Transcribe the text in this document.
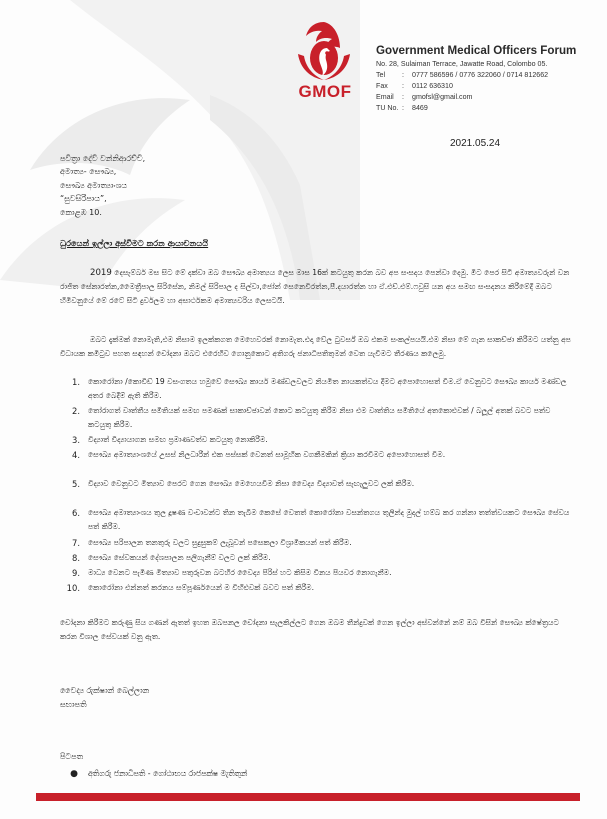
GMOF
Government Medical Officers Forum
No. 28, Sulaiman Terrace, Jawatte Road, Colombo 05.
Tel	:	0777 586596 / 0776 322060 / 0714 812662
Fax	:	0112 636310
Email	:	gmofsl@gmail.com
TU No. :	8469
2021.05.24
පවිත්‍රා දේවී වන්නිආරච්චි,
අමාත්‍ය- සෞඛ්‍ය,
සෞඛ්‍ය අමාත්‍යාංශය
“සුවසිරිපාය”,
කොළඹ 10.
ධුරයෙන් ඉල්ලා අස්වීමට කරන ආයාචනයයි
2019 දෙසැම්බර් මස සිට මේ දක්වා ඔබ සෞඛ්‍ය අමාත්‍යය ලෙස මාස 16ක් කටයුතු කරන බව අප සංසදය පෙන්වා දෙමු. මීට පෙර සිටි අමාත්‍යවරුන් වන රාජිත සේනාරත්න,මෛත්‍රීපාල සිරිසේන, නිමල් සිරිපාල ද සිල්වා,ජෝන් සෙනෙවිරත්න,පී.දයාරත්න හා ඒ.එච්.එම්.ෆවුසි යන අය සමඟ සංසදනය කිරීමේදී ඔබට හිමිවනුයේ මේ රටේ සිටි දුර්වලම හා අසාර්ථකම අමාත්‍යවරිය ලෙසටයි.
ඔබට දැක්මක් නොමැති,එම නිසාම ඉලක්කගත මෙහෙවරක් නොමැත.එදා වේල ටුවර්ස් ඔබ එකම සංකල්පයයි.එම නිසා මේ ගැන සාකච්ඡා කිරීමට යත්නු අප විධායක කමිටුව පහත සඳහන් චෝදනා ඔබට එරෙහිව ගොනුකොට අතිගරු ජනාධිපතිතුමන් වෙත යැවීමට තීරණය කලෙමු.
1.	කොරෝනා /කොවිඩ් 19 වසංගතය හමුවේ සෞඛ්‍ය කාර්ය මණ්ඩලවලට නියමිත නායකත්වය දීමට අපොහොසත් වීම.ඒ වෙනුවට සෞඛ්‍ය කාර්ය මණ්ඩල අතර බෙදීම් ඇති කිරීම.
2.	තෝරාගත් වෘත්තීය සමිතියක් සමඟ පමණක් සාකාච්ඡාවන් කොට කටයුතු කිරීම නිසා එම වෘත්තිය සමිතියේ අතකොළුවක් / බලූල් අතක් බවට පත්ව කටයුතු කිරීම.
3.	විද්‍යාත් විද්‍යායාගන සමඟ ප්‍රමාණවත්ව කටයුතු නොකිරීම.
4.	සෞඛ්‍ය අමාත්‍යාංශයේ උසස් නිලධාරීන් එක පස්සක් වෙනත් සාමූහික වගකීමකින් ක්‍රියා කරවීමට අපොහොසත් වීම.
5.	විද්‍යාව වෙනුවට මිත්‍යාව පෙරට ගෙන සෞඛ්‍ය මෙහෙයවීම නිසා වෛද්‍ය විද්‍යාවත් සැඟැලුවට ලක් කිරීම.
6.	සෞඛ්‍ය අමාත්‍යාංශය තුල දූෂණ වංචාවන්ට තින තැබීම කෙසේ වෙතත් කොරෝනා වසන්තගය තුලින්ද මුදල් හම්බ කර ගන්නා තත්ත්වයකට සෞඛ්‍ය සේවය පත් කිරීම.
7.	සෞඛ්‍ය පරිපාලන තනතුරු වලට සුදුසුකම් ලැබූවන් පසෙකලා විශ්‍රාමිකයන් පත් කිරීම.
8.	සෞඛ්‍ය සේවකයන් දේශපාලන පලිගැනීම් වලට ලක් කිරීම.
9.	මාධ්‍ය වෙනට පැමිණ මිත්‍යාව පතුරුවන බටහිර වෛද්‍ය පිරිස් හට කිසිම විනය පියවර නොගැනීම.
10.	කොරෝනා එන්නත් කරනය සම්පූර්ණයෙන් ම විහිළුවක් බවට පත් කිරීම.
චෝදනා කිරීමට කරුණු සිය ගණන් ඇතත් ඉහත ඔබපනල චෝදනා සැලකිල්ලට ගෙන ඔබම තීන්දුවක් ගෙන ඉල්ලා අස්වන්නේ නම් ඔබ විසින් සෞඛ්‍ය ක්ෂේත්‍රයට කරන විශාල සේවයක් වනු ඇත.
වෛද්‍ය රුක්ෂාන් බෙල්ලාන
සභාපති
පිටපත
●	අතිගරු ජනාධිපති - ගෝඨාභය රාජපක්ෂ මැතිතුන්
